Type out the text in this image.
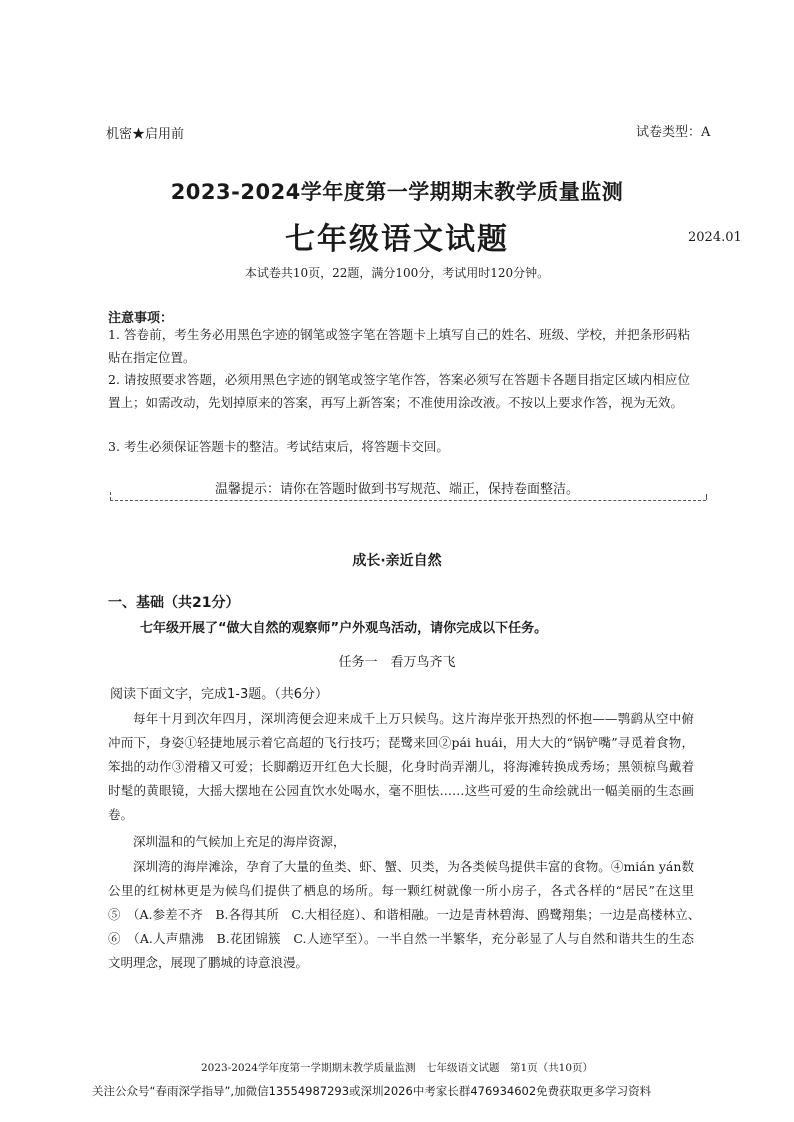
机密★启用前	试卷类型：A
2023-2024学年度第一学期期末教学质量监测
七年级语文试题	2024.01
本试卷共10页，22题，满分100分，考试用时120分钟。
注意事项：
1. 答卷前，考生务必用黑色字迹的钢笔或签字笔在答题卡上填写自己的姓名、班级、学校，并把条形码粘贴在指定位置。
2. 请按照要求答题，必须用黑色字迹的钢笔或签字笔作答，答案必须写在答题卡各题目指定区域内相应位置上；如需改动，先划掉原来的答案，再写上新答案；不准使用涂改液。不按以上要求作答，视为无效。
3. 考生必须保证答题卡的整洁。考试结束后，将答题卡交回。
温馨提示：请你在答题时做到书写规范、端正，保持卷面整洁。
成长·亲近自然
一、基础（共21分）
七年级开展了“做大自然的观察师”户外观鸟活动，请你完成以下任务。
任务一　看万鸟齐飞
阅读下面文字，完成1-3题。（共6分）
每年十月到次年四月，深圳湾便会迎来成千上万只候鸟。这片海岸张开热烈的怀抱——鹗鹞从空中俯冲而下，身姿①轻捷地展示着它高超的飞行技巧；琵鹭来回②pái huái，用大大的“锅铲嘴”寻觅着食物，笨拙的动作③滑稽又可爱；长脚鹬迈开红色大长腿，化身时尚弄潮儿，将海滩转换成秀场；黑领椋鸟戴着时髦的黄眼镜，大摇大摆地在公园直饮水处喝水，毫不胆怯……这些可爱的生命绘就出一幅美丽的生态画卷。
深圳温和的气候加上充足的海岸资源，
深圳湾的海岸滩涂，孕育了大量的鱼类、虾、蟹、贝类，为各类候鸟提供丰富的食物。④mián yán数公里的红树林更是为候鸟们提供了栖息的场所。每一颗红树就像一所小房子，各式各样的“居民”在这里　⑤　（A.参差不齐　B.各得其所　C.大相径庭）、和谐相融。一边是青林碧海、鸥鹭翔集；一边是高楼林立、　⑥　（A.人声鼎沸　B.花团锦簇　C.人迹罕至）。一半自然一半繁华，充分彰显了人与自然和谐共生的生态文明理念，展现了鹏城的诗意浪漫。
2023-2024学年度第一学期期末教学质量监测　七年级语文试题　第1页（共10页）
关注公众号“春雨深学指导”,加微信13554987293或深圳2026中考家长群476934602免费获取更多学习资料
